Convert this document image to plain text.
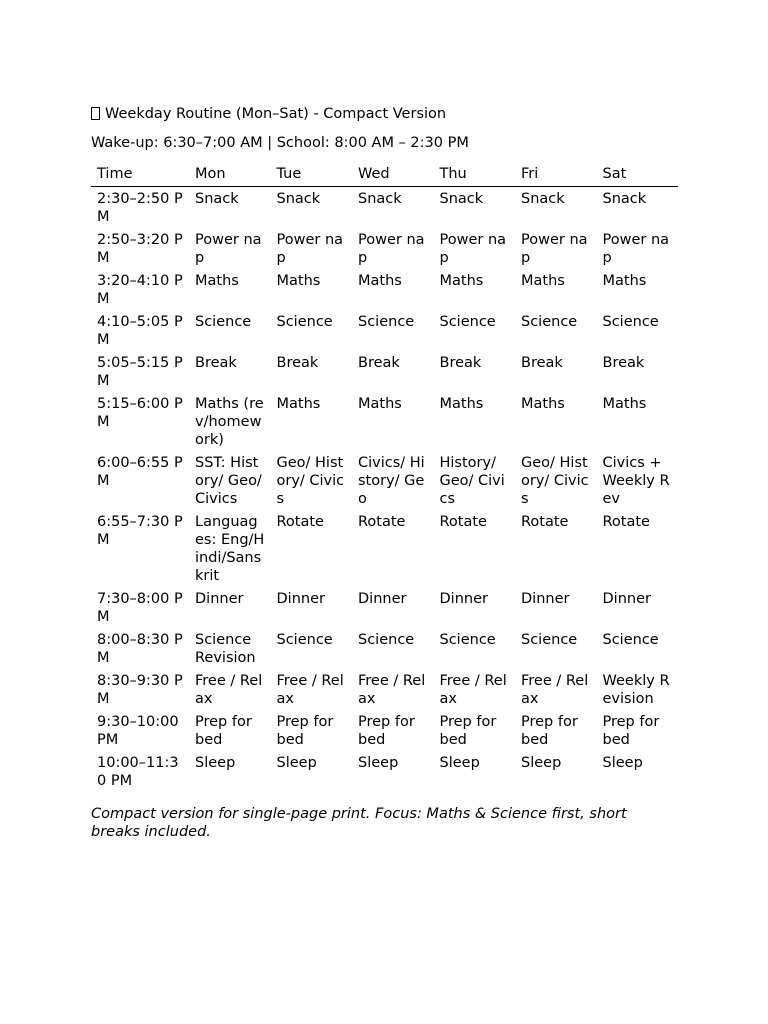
Weekday Routine (Mon–Sat) - Compact Version

Wake-up: 6:30–7:00 AM | School: 8:00 AM – 2:30 PM

Time	Mon	Tue	Wed	Thu	Fri	Sat
2:30–2:50 PM	Snack	Snack	Snack	Snack	Snack	Snack
2:50–3:20 PM	Power nap	Power nap	Power nap	Power nap	Power nap	Power nap
3:20–4:10 PM	Maths	Maths	Maths	Maths	Maths	Maths
4:10–5:05 PM	Science	Science	Science	Science	Science	Science
5:05–5:15 PM	Break	Break	Break	Break	Break	Break
5:15–6:00 PM	Maths (rev/homework)	Maths	Maths	Maths	Maths	Maths
6:00–6:55 PM	SST: History/ Geo/Civics	Geo/ History/ Civics	Civics/ History/ Geo	History/ Geo/ Civics	Geo/ History/ Civics	Civics + Weekly Rev
6:55–7:30 PM	Languages: Eng/Hindi/Sanskrit	Rotate	Rotate	Rotate	Rotate	Rotate
7:30–8:00 PM	Dinner	Dinner	Dinner	Dinner	Dinner	Dinner
8:00–8:30 PM	Science Revision	Science	Science	Science	Science	Science
8:30–9:30 PM	Free / Relax	Free / Relax	Free / Relax	Free / Relax	Free / Relax	Weekly Revision
9:30–10:00 PM	Prep for bed	Prep for bed	Prep for bed	Prep for bed	Prep for bed	Prep for bed
10:00–11:30 PM	Sleep	Sleep	Sleep	Sleep	Sleep	Sleep

Compact version for single-page print. Focus: Maths & Science first, short breaks included.
